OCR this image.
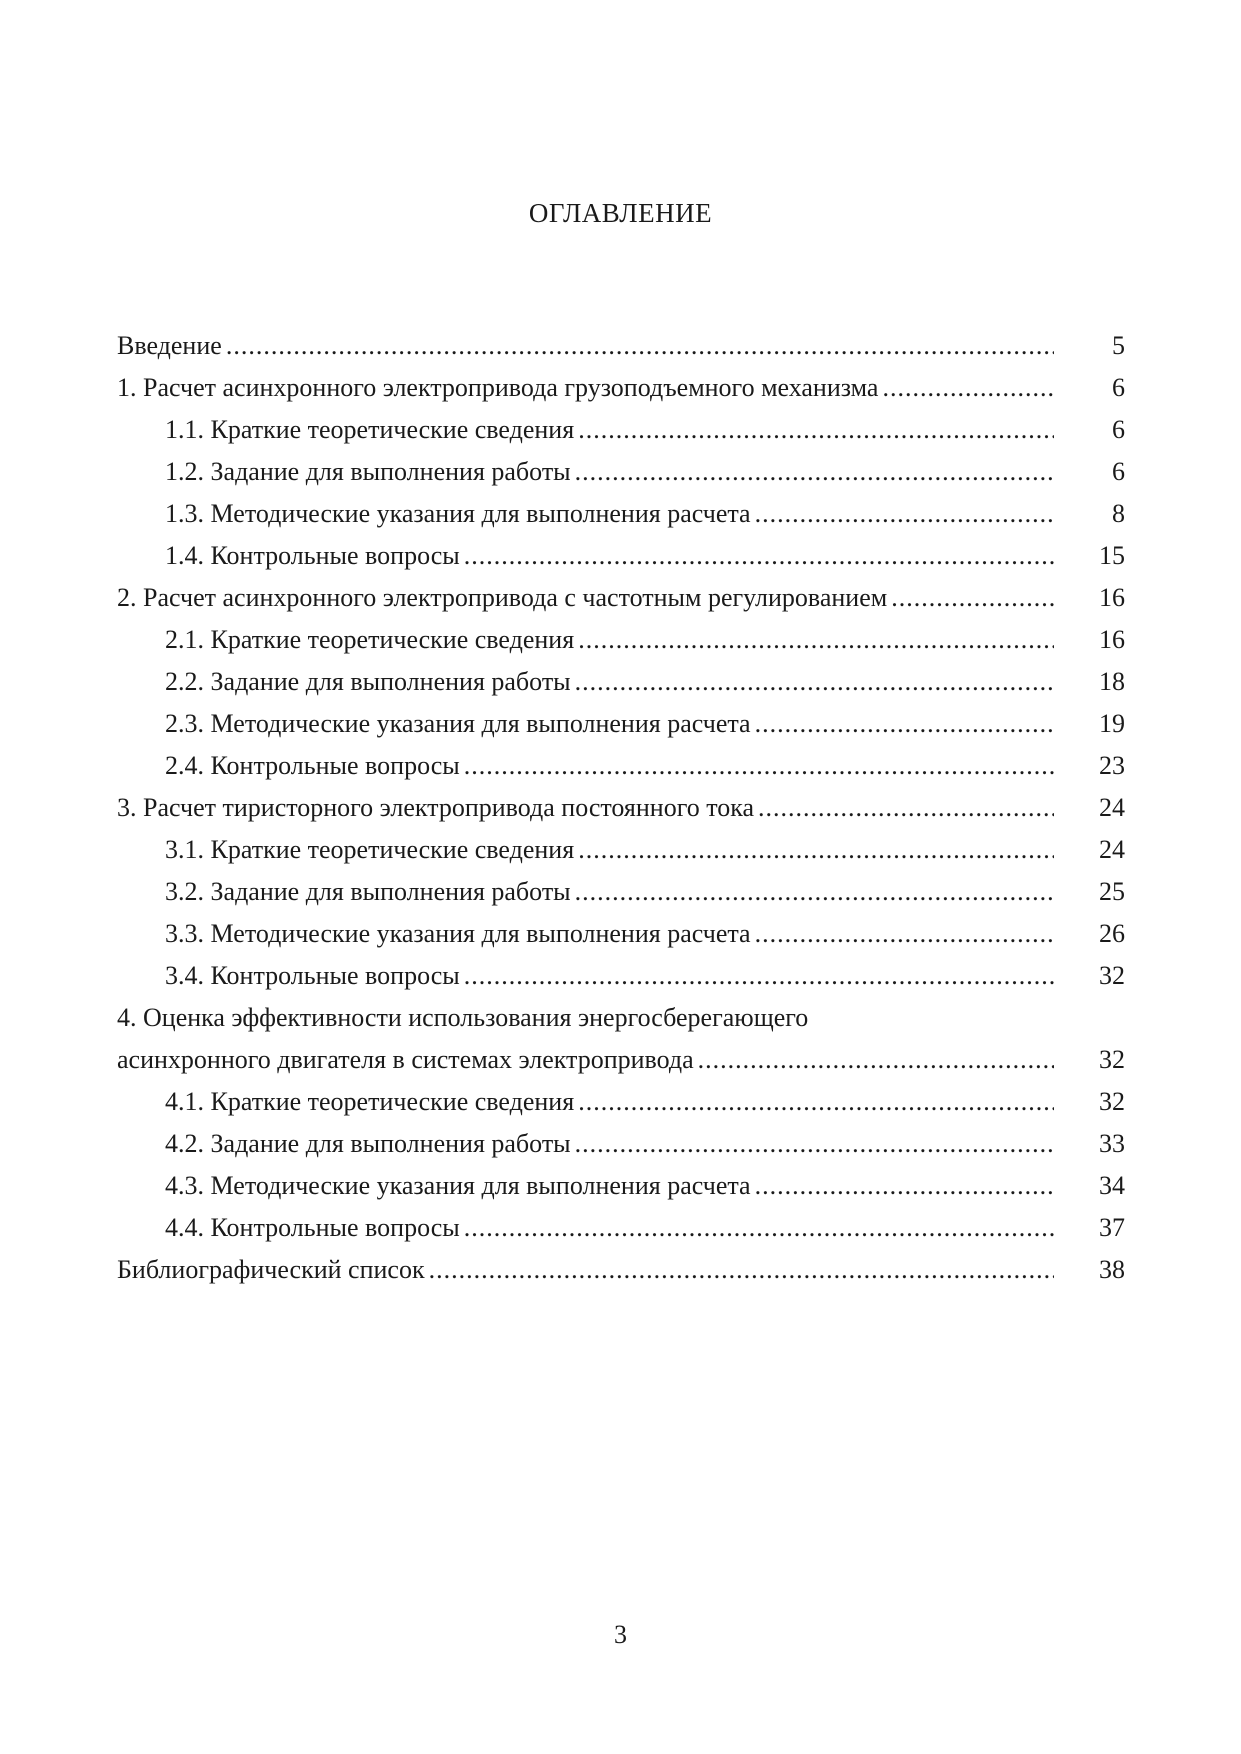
ОГЛАВЛЕНИЕ
5
Введение
.....
6
1. Расчет асинхронного электропривода грузоподъемного механизма
.....
6
1.1. Краткие теоретические сведения
.....
6
1.2. Задание для выполнения работы
.....
8
1.3. Методические указания для выполнения расчета
.....
15
1.4. Контрольные вопросы
.....
16
2. Расчет асинхронного электропривода с частотным регулированием
.....
16
2.1. Краткие теоретические сведения
.....
18
2.2. Задание для выполнения работы
.....
19
2.3. Методические указания для выполнения расчета
.....
23
2.4. Контрольные вопросы
.....
24
3. Расчет тиристорного электропривода постоянного тока
.....
24
3.1. Краткие теоретические сведения
.....
25
3.2. Задание для выполнения работы
.....
26
3.3. Методические указания для выполнения расчета
.....
32
3.4. Контрольные вопросы
.....
4. Оценка эффективности использования энергосберегающего
32
асинхронного двигателя в системах электропривода
.....
32
4.1. Краткие теоретические сведения
.....
33
4.2. Задание для выполнения работы
.....
34
4.3. Методические указания для выполнения расчета
.....
37
4.4. Контрольные вопросы
.....
38
Библиографический список
.....
3
